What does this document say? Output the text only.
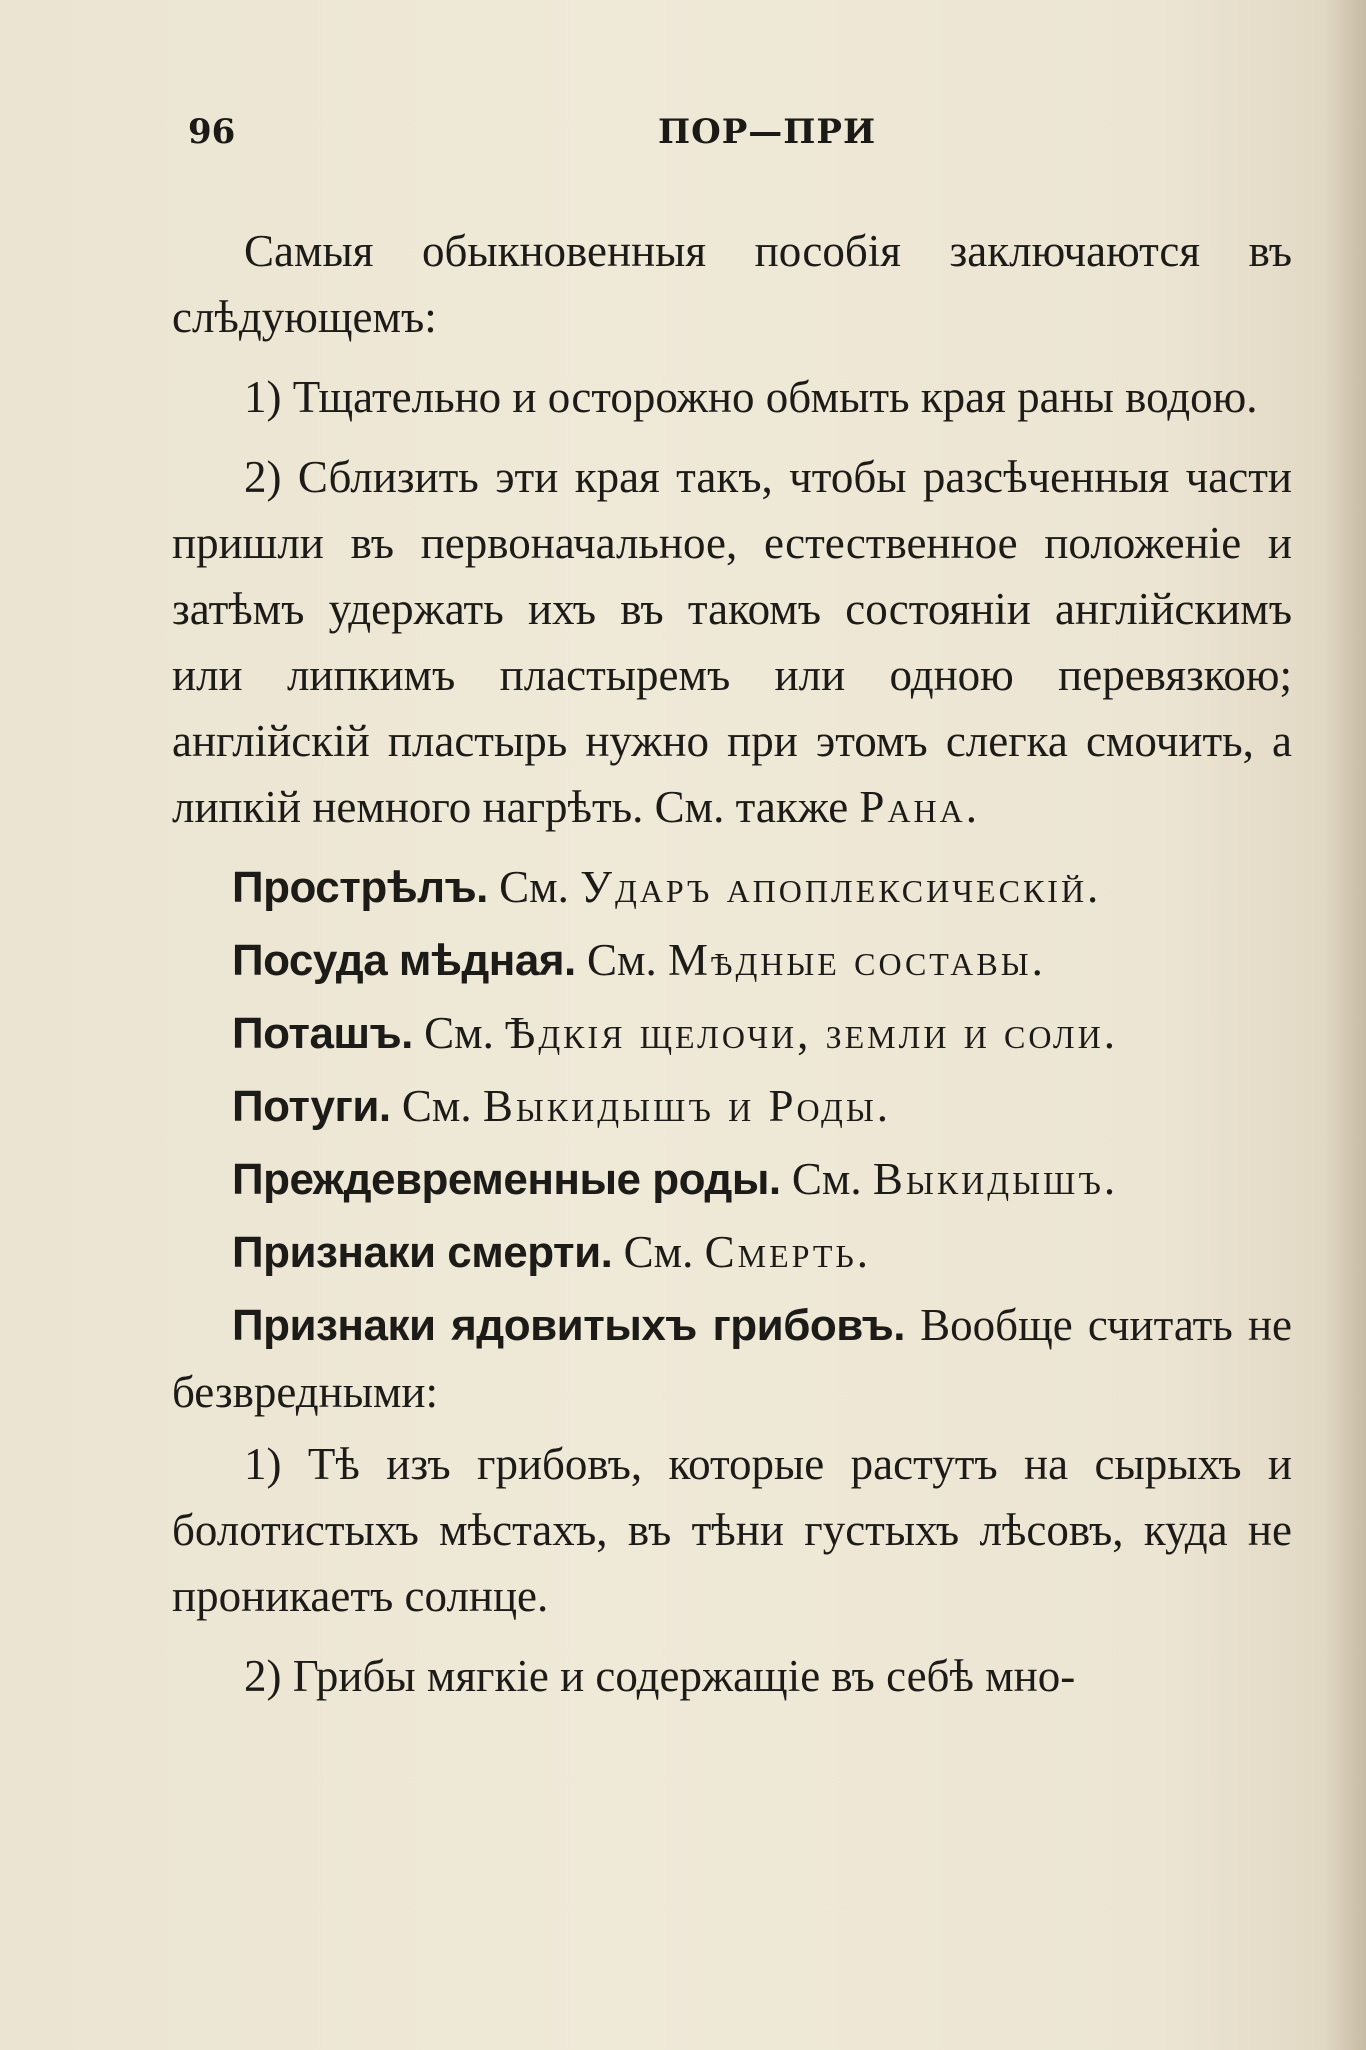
96	ПОР—ПРИ

Самыя обыкновенныя пособія заключаются въ слѣдующемъ:

1) Тщательно и осторожно обмыть края раны водою.

2) Сблизить эти края такъ, чтобы разсѣченныя части пришли въ первоначальное, естественное положеніе и затѣмъ удержать ихъ въ такомъ состояніи англійскимъ или липкимъ пластыремъ или одною перевязкою; англійскій пластырь нужно при этомъ слегка смочить, а липкій немного нагрѣть. См. также Рана.

Прострѣлъ. См. Ударъ апоплексическій.

Посуда мѣдная. См. Мѣдные составы.

Поташъ. См. Ѣдкія щелочи, земли и соли.

Потуги. См. Выкидышъ и Роды.

Преждевременные роды. См. Выкидышъ.

Признаки смерти. См. Смерть.

Признаки ядовитыхъ грибовъ. Вообще считать не безвредными:

1) Тѣ изъ грибовъ, которые растутъ на сырыхъ и болотистыхъ мѣстахъ, въ тѣни густыхъ лѣсовъ, куда не проникаетъ солнце.

2) Грибы мягкіе и содержащіе въ себѣ мно-
